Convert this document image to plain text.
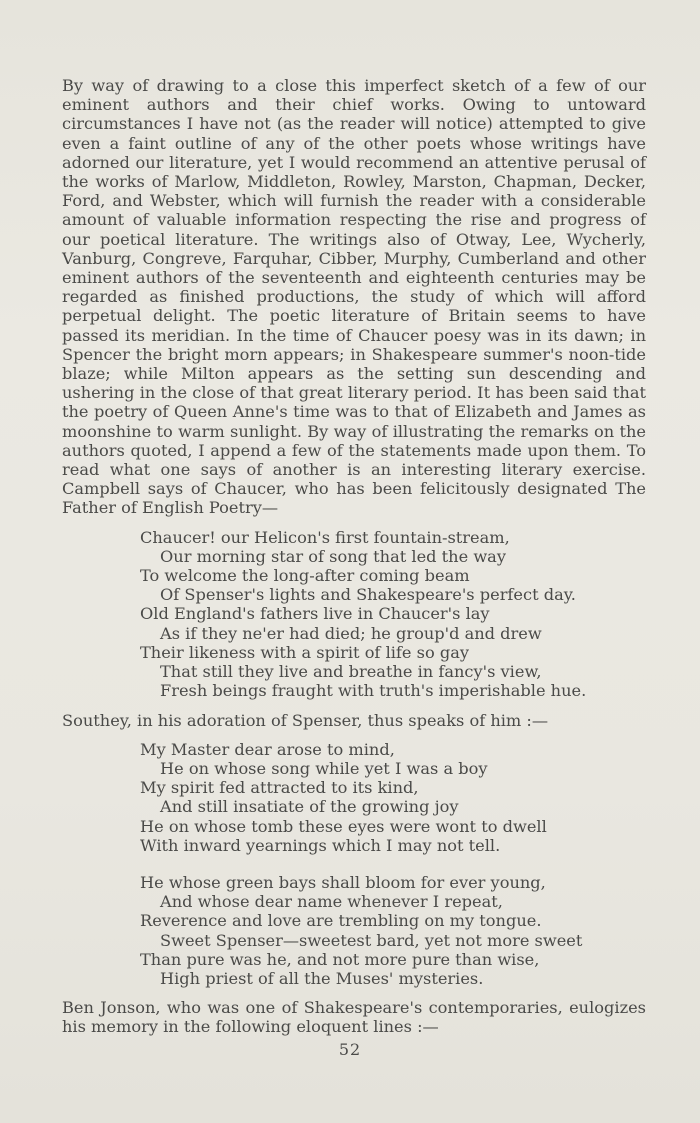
By way of drawing to a close this imperfect sketch of a few of our eminent authors and their chief works. Owing to untoward circumstances I have not (as the reader will notice) attempted to give even a faint outline of any of the other poets whose writings have adorned our literature, yet I would recommend an attentive perusal of the works of Marlow, Middleton, Rowley, Marston, Chapman, Decker, Ford, and Webster, which will furnish the reader with a considerable amount of valuable information respecting the rise and progress of our poetical literature. The writings also of Otway, Lee, Wycherly, Vanburg, Congreve, Farquhar, Cibber, Murphy, Cumberland and other eminent authors of the seventeenth and eighteenth centuries may be regarded as finished productions, the study of which will afford perpetual delight. The poetic literature of Britain seems to have passed its meridian. In the time of Chaucer poesy was in its dawn; in Spencer the bright morn appears; in Shakespeare summer's noon-tide blaze; while Milton appears as the setting sun descending and ushering in the close of that great literary period. It has been said that the poetry of Queen Anne's time was to that of Elizabeth and James as moonshine to warm sunlight. By way of illustrating the remarks on the authors quoted, I append a few of the statements made upon them. To read what one says of another is an interesting literary exercise. Campbell says of Chaucer, who has been felicitously designated The Father of English Poetry—

Chaucer! our Helicon's first fountain-stream,
Our morning star of song that led the way
To welcome the long-after coming beam
Of Spenser's lights and Shakespeare's perfect day.
Old England's fathers live in Chaucer's lay
As if they ne'er had died; he group'd and drew
Their likeness with a spirit of life so gay
That still they live and breathe in fancy's view,
Fresh beings fraught with truth's imperishable hue.

Southey, in his adoration of Spenser, thus speaks of him :—

My Master dear arose to mind,
He on whose song while yet I was a boy
My spirit fed attracted to its kind,
And still insatiate of the growing joy
He on whose tomb these eyes were wont to dwell
With inward yearnings which I may not tell.
He whose green bays shall bloom for ever young,
And whose dear name whenever I repeat,
Reverence and love are trembling on my tongue.
Sweet Spenser—sweetest bard, yet not more sweet
Than pure was he, and not more pure than wise,
High priest of all the Muses' mysteries.

Ben Jonson, who was one of Shakespeare's contemporaries, eulogizes his memory in the following eloquent lines :—

52
